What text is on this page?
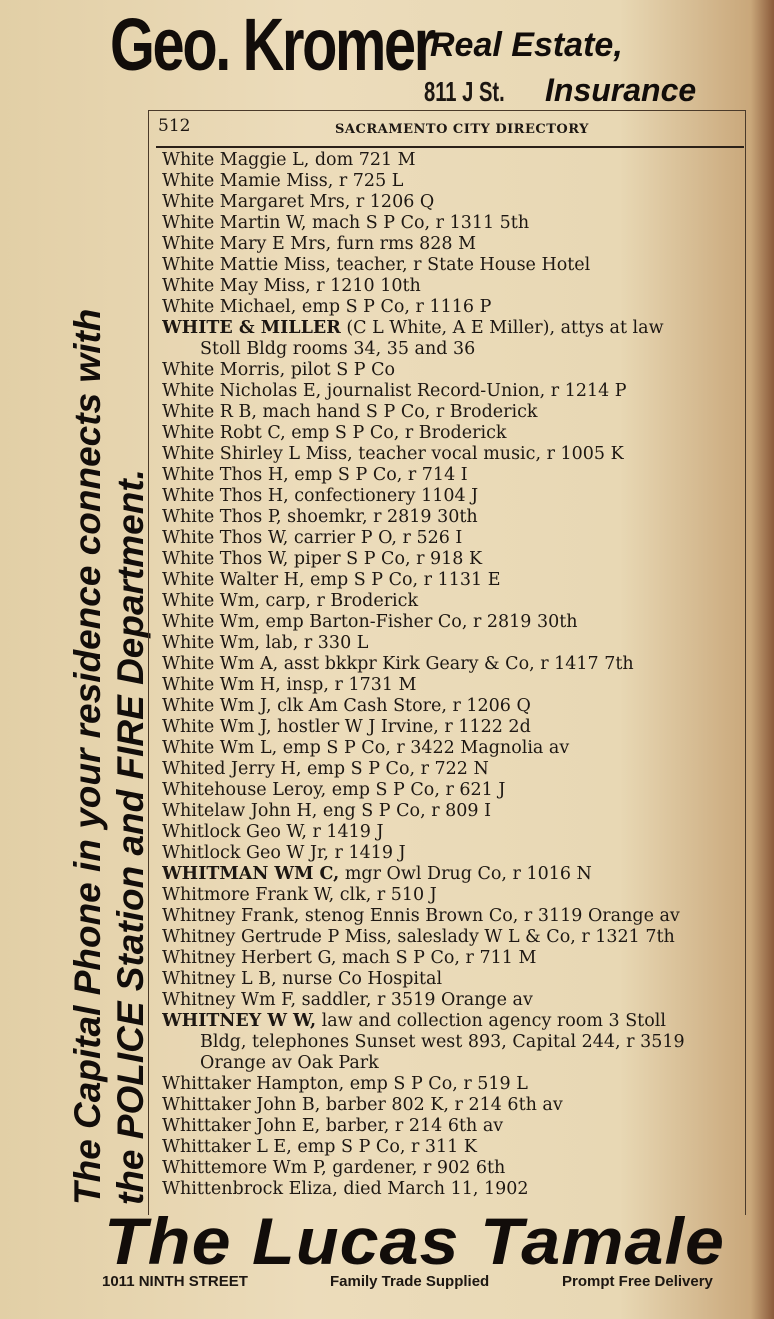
Geo. Kromer
Real Estate,
811 J St. Insurance
The Capital Phone in your residence connects with the POLICE Station and FIRE Department.
512	SACRAMENTO CITY DIRECTORY
White Maggie L, dom 721 M
White Mamie Miss, r 725 L
White Margaret Mrs, r 1206 Q
White Martin W, mach S P Co, r 1311 5th
White Mary E Mrs, furn rms 828 M
White Mattie Miss, teacher, r State House Hotel
White May Miss, r 1210 10th
White Michael, emp S P Co, r 1116 P
WHITE & MILLER (C L White, A E Miller), attys at law
Stoll Bldg rooms 34, 35 and 36
White Morris, pilot S P Co
White Nicholas E, journalist Record-Union, r 1214 P
White R B, mach hand S P Co, r Broderick
White Robt C, emp S P Co, r Broderick
White Shirley L Miss, teacher vocal music, r 1005 K
White Thos H, emp S P Co, r 714 I
White Thos H, confectionery 1104 J
White Thos P, shoemkr, r 2819 30th
White Thos W, carrier P O, r 526 I
White Thos W, piper S P Co, r 918 K
White Walter H, emp S P Co, r 1131 E
White Wm, carp, r Broderick
White Wm, emp Barton-Fisher Co, r 2819 30th
White Wm, lab, r 330 L
White Wm A, asst bkkpr Kirk Geary & Co, r 1417 7th
White Wm H, insp, r 1731 M
White Wm J, clk Am Cash Store, r 1206 Q
White Wm J, hostler W J Irvine, r 1122 2d
White Wm L, emp S P Co, r 3422 Magnolia av
Whited Jerry H, emp S P Co, r 722 N
Whitehouse Leroy, emp S P Co, r 621 J
Whitelaw John H, eng S P Co, r 809 I
Whitlock Geo W, r 1419 J
Whitlock Geo W Jr, r 1419 J
WHITMAN WM C, mgr Owl Drug Co, r 1016 N
Whitmore Frank W, clk, r 510 J
Whitney Frank, stenog Ennis Brown Co, r 3119 Orange av
Whitney Gertrude P Miss, saleslady W L & Co, r 1321 7th
Whitney Herbert G, mach S P Co, r 711 M
Whitney L B, nurse Co Hospital
Whitney Wm F, saddler, r 3519 Orange av
WHITNEY W W, law and collection agency room 3 Stoll
Bldg, telephones Sunset west 893, Capital 244, r 3519
Orange av Oak Park
Whittaker Hampton, emp S P Co, r 519 L
Whittaker John B, barber 802 K, r 214 6th av
Whittaker John E, barber, r 214 6th av
Whittaker L E, emp S P Co, r 311 K
Whittemore Wm P, gardener, r 902 6th
Whittenbrock Eliza, died March 11, 1902
The Lucas Tamale
1011 NINTH STREET	Family Trade Supplied	Prompt Free Delivery
